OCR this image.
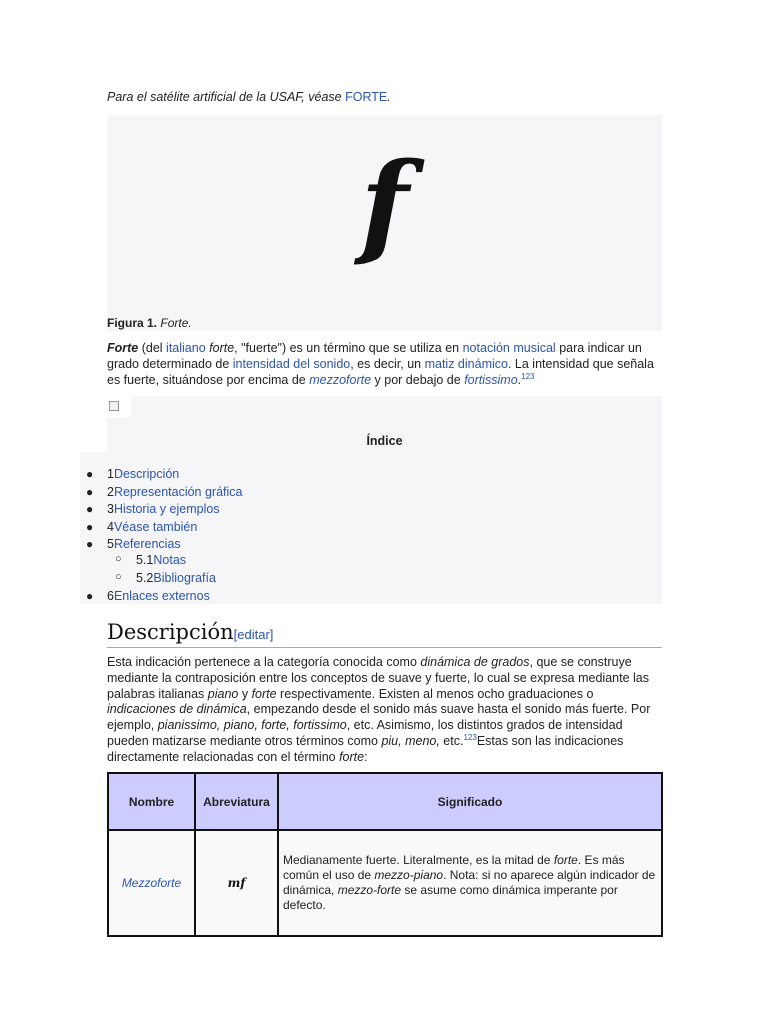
Para el satélite artificial de la USAF, véase FORTE.
f
Figura 1. Forte.
Forte (del italiano forte, "fuerte") es un término que se utiliza en notación musical para indicar un grado determinado de intensidad del sonido, es decir, un matiz dinámico. La intensidad que señala es fuerte, situándose por encima de mezzoforte y por debajo de fortissimo.$^{123}$
Índice
● 1Descripción
● 2Representación gráfica
● 3Historia y ejemplos
● 4Véase también
● 5Referencias
○ 5.1Notas
○ 5.2Bibliografía
● 6Enlaces externos
Descripción[editar]
Esta indicación pertenece a la categoría conocida como dinámica de grados, que se construye mediante la contraposición entre los conceptos de suave y fuerte, lo cual se expresa mediante las palabras italianas piano y forte respectivamente. Existen al menos ocho graduaciones o indicaciones de dinámica, empezando desde el sonido más suave hasta el sonido más fuerte. Por ejemplo, pianissimo, piano, forte, fortissimo, etc. Asimismo, los distintos grados de intensidad pueden matizarse mediante otros términos como piu, meno, etc.$^{123}$Estas son las indicaciones directamente relacionadas con el término forte:
Nombre	Abreviatura	Significado
Mezzoforte	mf	Medianamente fuerte. Literalmente, es la mitad de forte. Es más común el uso de mezzo-piano. Nota: si no aparece algún indicador de dinámica, mezzo-forte se asume como dinámica imperante por defecto.
